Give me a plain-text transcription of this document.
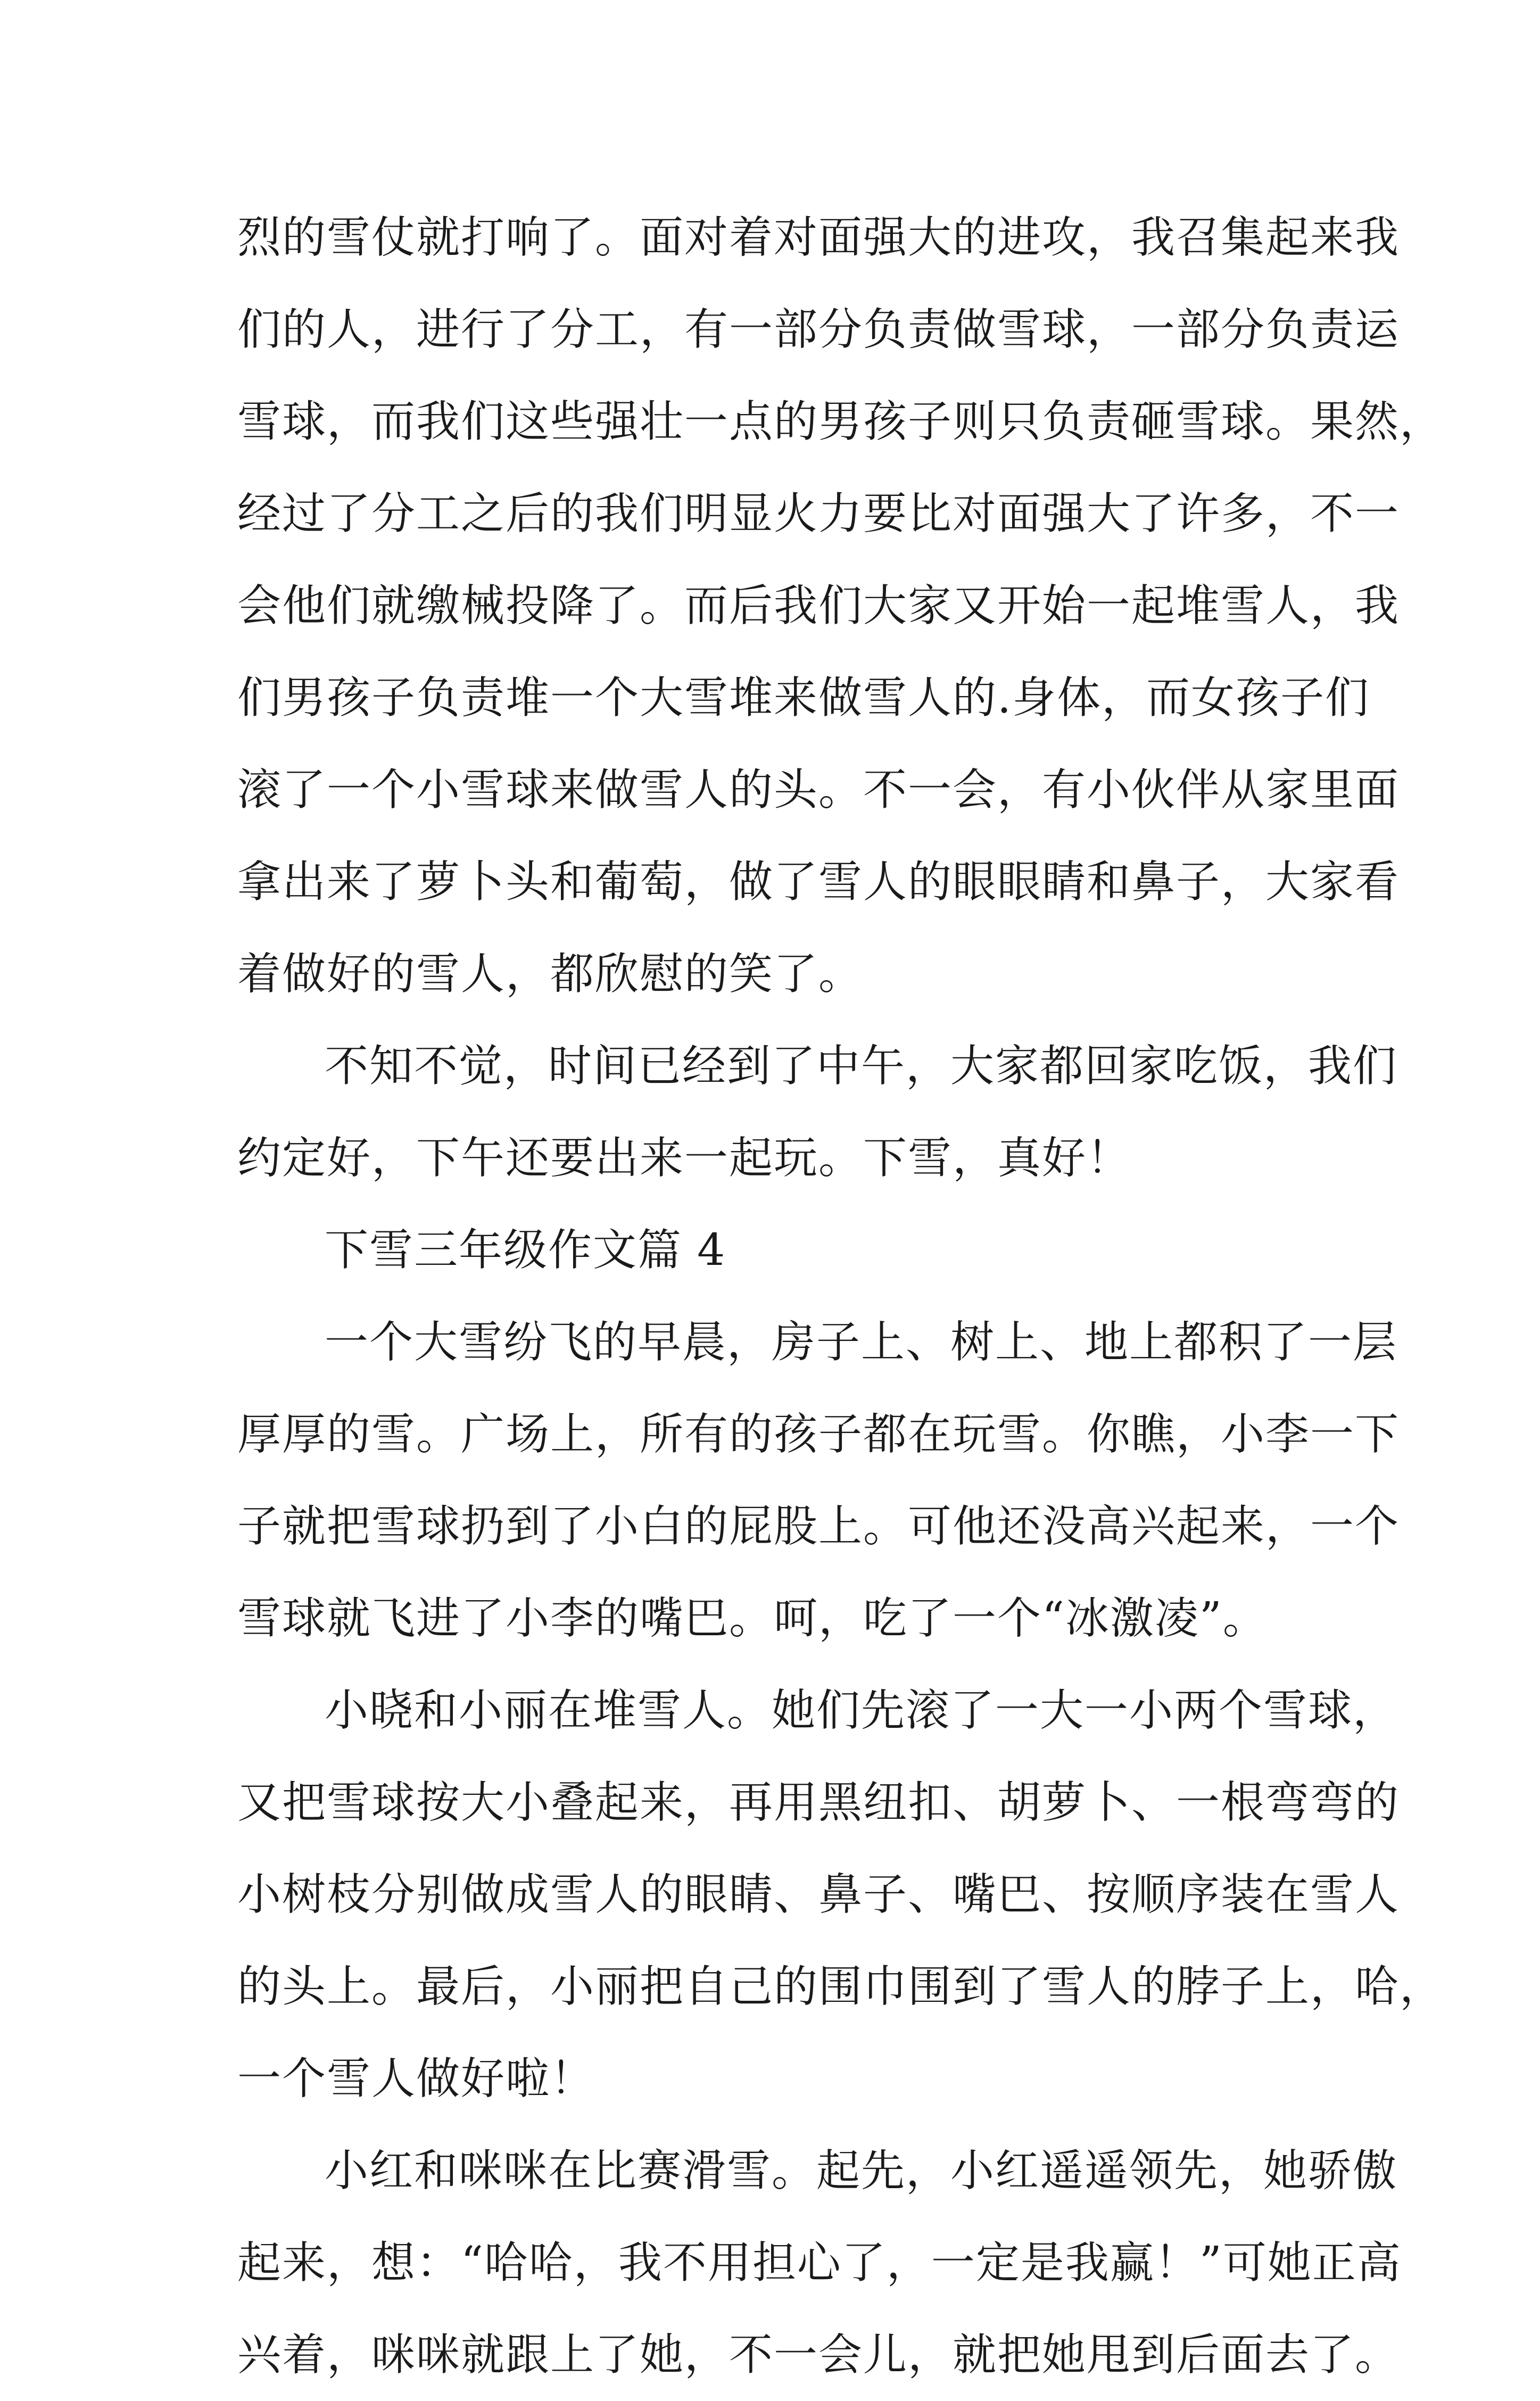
烈的雪仗就打响了。面对着对面强大的进攻，我召集起来我
们的人，进行了分工，有一部分负责做雪球，一部分负责运
雪球，而我们这些强壮一点的男孩子则只负责砸雪球。果然，
经过了分工之后的我们明显火力要比对面强大了许多，不一
会他们就缴械投降了。而后我们大家又开始一起堆雪人，我
们男孩子负责堆一个大雪堆来做雪人的.身体，而女孩子们
滚了一个小雪球来做雪人的头。不一会，有小伙伴从家里面
拿出来了萝卜头和葡萄，做了雪人的眼眼睛和鼻子，大家看
着做好的雪人，都欣慰的笑了。
不知不觉，时间已经到了中午，大家都回家吃饭，我们
约定好，下午还要出来一起玩。下雪，真好！
下雪三年级作文篇 4
一个大雪纷飞的早晨，房子上、树上、地上都积了一层
厚厚的雪。广场上，所有的孩子都在玩雪。你瞧，小李一下
子就把雪球扔到了小白的屁股上。可他还没高兴起来，一个
雪球就飞进了小李的嘴巴。呵，吃了一个“冰激凌”。
小晓和小丽在堆雪人。她们先滚了一大一小两个雪球，
又把雪球按大小叠起来，再用黑纽扣、胡萝卜、一根弯弯的
小树枝分别做成雪人的眼睛、鼻子、嘴巴、按顺序装在雪人
的头上。最后，小丽把自己的围巾围到了雪人的脖子上，哈，
一个雪人做好啦！
小红和咪咪在比赛滑雪。起先，小红遥遥领先，她骄傲
起来，想：“哈哈，我不用担心了，一定是我赢！”可她正高
兴着，咪咪就跟上了她，不一会儿，就把她甩到后面去了。
